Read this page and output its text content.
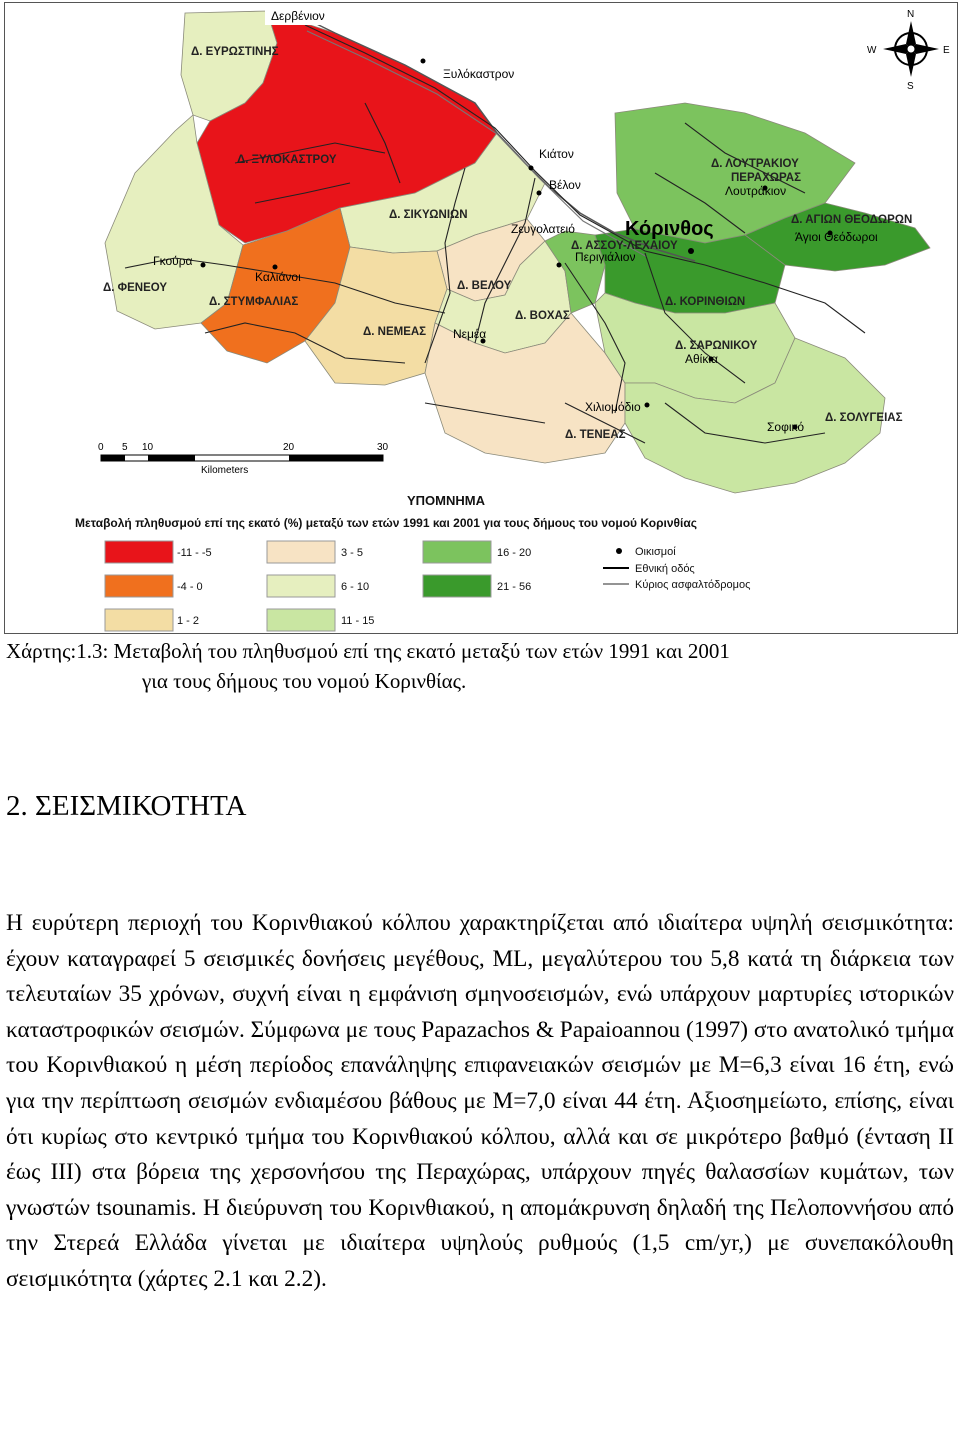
Δερβένιον
Ξυλόκαστρον
Κιάτον
Βέλον
Κόρινθος
Λουτράκιον
Άγιοι Θεόδωροι
Γκούρα
Καλιάνοι
Ζευγολατειό
Περιγιάλιον
Νεμέα
Αθίκια
Χιλιομόδιο
Σοφικό
Δ. ΕΥΡΩΣΤΙΝΗΣ
Δ. ΞΥΛΟΚΑΣΤΡΟΥ
Δ. ΣΙΚΥΩΝΙΩΝ
Δ. ΦΕΝΕΟΥ
Δ. ΣΤΥΜΦΑΛΙΑΣ
Δ. ΒΕΛΟΥ
Δ. ΝΕΜΕΑΣ
Δ. ΒΟΧΑΣ
Δ. ΑΣΣΟΥ-ΛΕΧΑΙΟΥ
Δ. ΚΟΡΙΝΘΙΩΝ
Δ. ΛΟΥΤΡΑΚΙΟΥ
ΠΕΡΑΧΩΡΑΣ
Δ. ΑΓΙΩΝ ΘΕΟΔΩΡΩΝ
Δ. ΣΑΡΩΝΙΚΟΥ
Δ. ΤΕΝΕΑΣ
Δ. ΣΟΛΥΓΕΙΑΣ
N
S
E
W
0 5 10	20	30
Kilometers
ΥΠΟΜΝΗΜΑ
Μεταβολή πληθυσμού επί της εκατό (%) μεταξύ των ετών 1991 και 2001 για τους δήμους του νομού Κορινθίας
-11 - -5
-4 - 0
1 - 2
3 - 5
6 - 10
11 - 15
16 - 20
21 - 56
Οικισμοί
Εθνική οδός
Κύριος ασφαλτόδρομος
Χάρτης:1.3: Μεταβολή του πληθυσμού επί της εκατό μεταξύ των ετών 1991 και 2001
για τους δήμους του νομού Κορινθίας.
2. ΣΕΙΣΜΙΚΟΤΗΤΑ

Η ευρύτερη περιοχή του Κορινθιακού κόλπου χαρακτηρίζεται από ιδιαίτερα υψηλή σεισμικότητα: έχουν καταγραφεί 5 σεισμικές δονήσεις μεγέθους, ML, μεγαλύτερου του 5,8 κατά τη διάρκεια των τελευταίων 35 χρόνων, συχνή είναι η εμφάνιση σμηνοσεισμών, ενώ υπάρχουν μαρτυρίες ιστορικών καταστροφικών σεισμών. Σύμφωνα με τους Papazachos & Papaioannou (1997) στο ανατολικό τμήμα του Κορινθιακού η μέση περίοδος επανάληψης επιφανειακών σεισμών με Μ=6,3 είναι 16 έτη, ενώ για την περίπτωση σεισμών ενδιαμέσου βάθους με Μ=7,0 είναι 44 έτη. Αξιοσημείωτο, επίσης, είναι ότι κυρίως στο κεντρικό τμήμα του Κορινθιακού κόλπου, αλλά και σε μικρότερο βαθμό (ένταση ΙΙ έως ΙΙΙ) στα βόρεια της χερσονήσου της Περαχώρας, υπάρχουν πηγές θαλασσίων κυμάτων, των γνωστών tsounamis. Η διεύρυνση του Κορινθιακού, η απομάκρυνση δηλαδή της Πελοποννήσου από την Στερεά Ελλάδα γίνεται με ιδιαίτερα υψηλούς ρυθμούς (1,5 cm/yr,) με συνεπακόλουθη σεισμικότητα (χάρτες 2.1 και 2.2).
